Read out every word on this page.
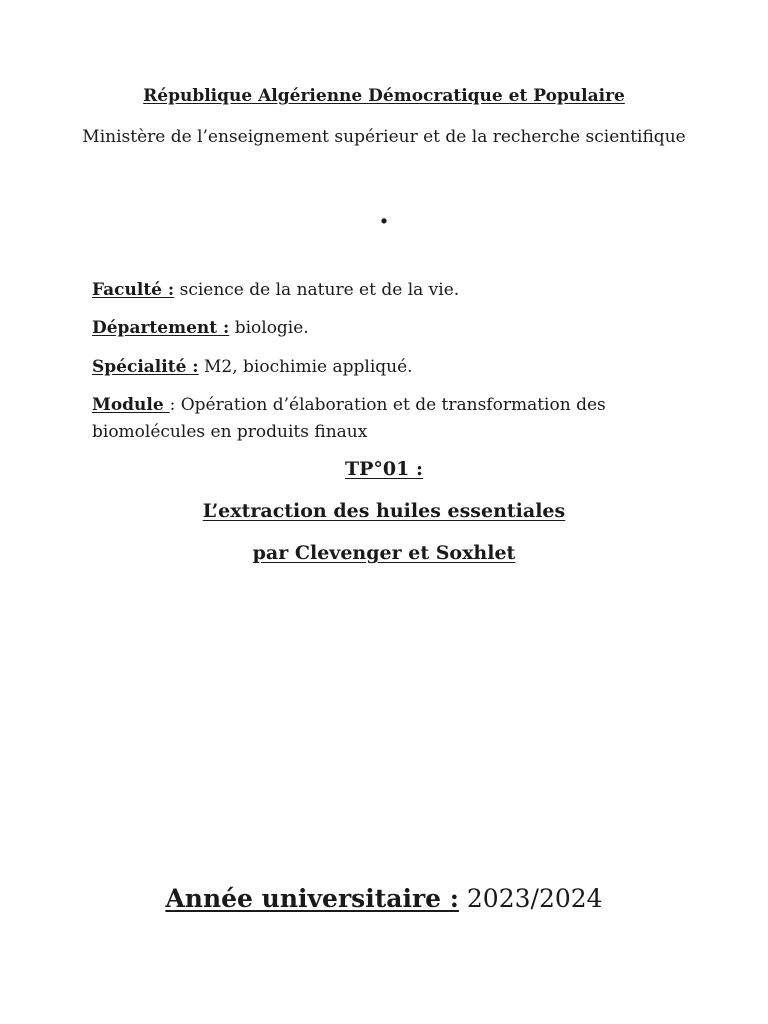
République Algérienne Démocratique et Populaire
Ministère de l’enseignement supérieur et de la recherche scientifique
.
Faculté : science de la nature et de la vie.
Département : biologie.
Spécialité : M2, biochimie appliqué.
Module : Opération d’élaboration et de transformation des biomolécules en produits finaux
TP°01 :
L’extraction des huiles essentiales
par Clevenger et Soxhlet
Année universitaire : 2023/2024
